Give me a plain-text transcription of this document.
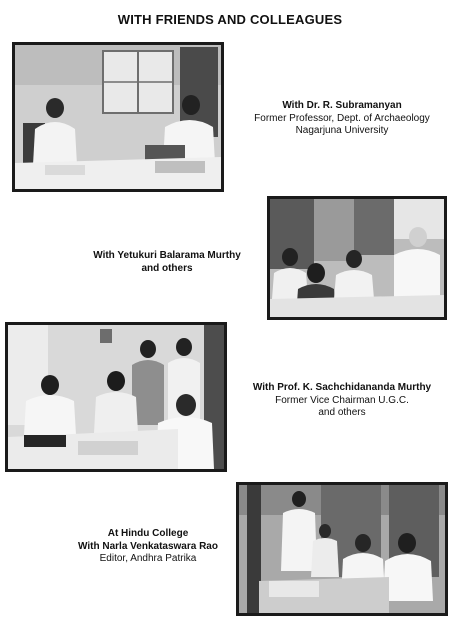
WITH FRIENDS AND COLLEAGUES
With Dr. R. Subramanyan
Former Professor, Dept. of Archaeology
Nagarjuna University
With Yetukuri Balarama Murthy
and others
With Prof. K. Sachchidananda Murthy
Former Vice Chairman U.G.C.
and others
At Hindu College
With Narla Venkataswara Rao
Editor, Andhra Patrika
